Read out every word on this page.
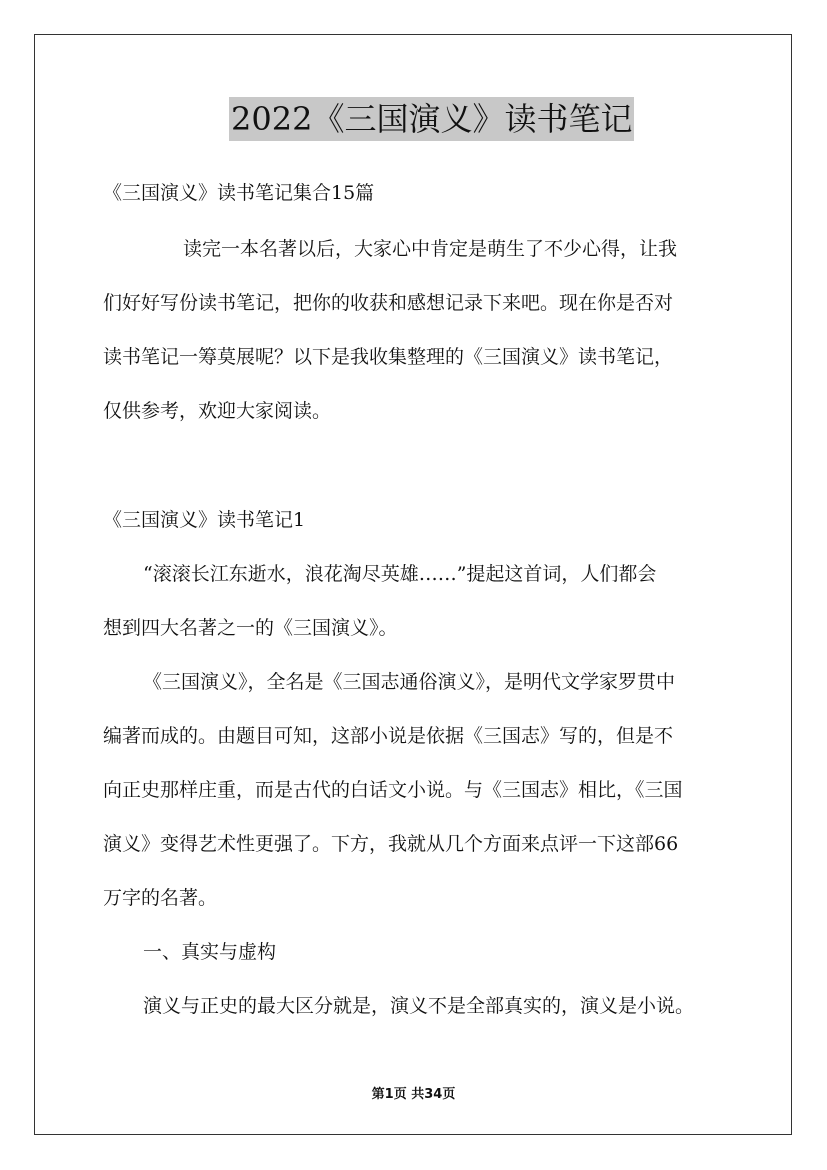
2022《三国演义》读书笔记
《三国演义》读书笔记集合15篇
读完一本名著以后，大家心中肯定是萌生了不少心得，让我
们好好写份读书笔记，把你的收获和感想记录下来吧。现在你是否对
读书笔记一筹莫展呢？以下是我收集整理的《三国演义》读书笔记，
仅供参考，欢迎大家阅读。
《三国演义》读书笔记1
“滚滚长江东逝水，浪花淘尽英雄……”提起这首词，人们都会
想到四大名著之一的《三国演义》。
《三国演义》，全名是《三国志通俗演义》，是明代文学家罗贯中
编著而成的。由题目可知，这部小说是依据《三国志》写的，但是不
向正史那样庄重，而是古代的白话文小说。与《三国志》相比，《三国
演义》变得艺术性更强了。下方，我就从几个方面来点评一下这部66
万字的名著。
一、真实与虚构
演义与正史的最大区分就是，演义不是全部真实的，演义是小说。
第1页 共34页
